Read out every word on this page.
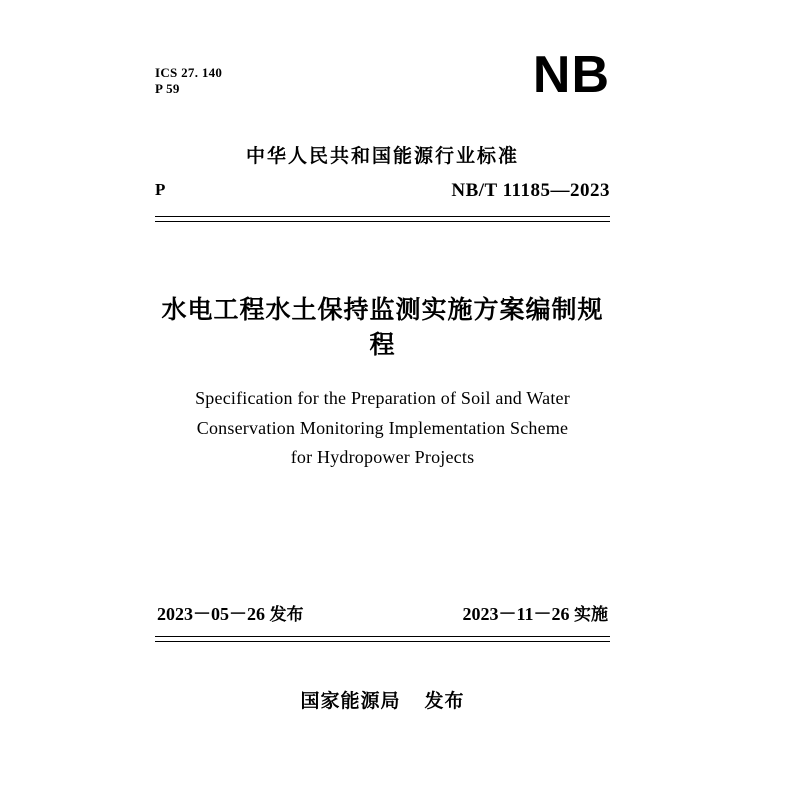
ICS 27. 140
P 59	NB
中华人民共和国能源行业标准
P	NB/T 11185—2023
水电工程水土保持监测实施方案编制规程
Specification for the Preparation of Soil and Water
Conservation Monitoring Implementation Scheme
for Hydropower Projects
2023－05－26 发布	2023－11－26 实施
国家能源局 发布
